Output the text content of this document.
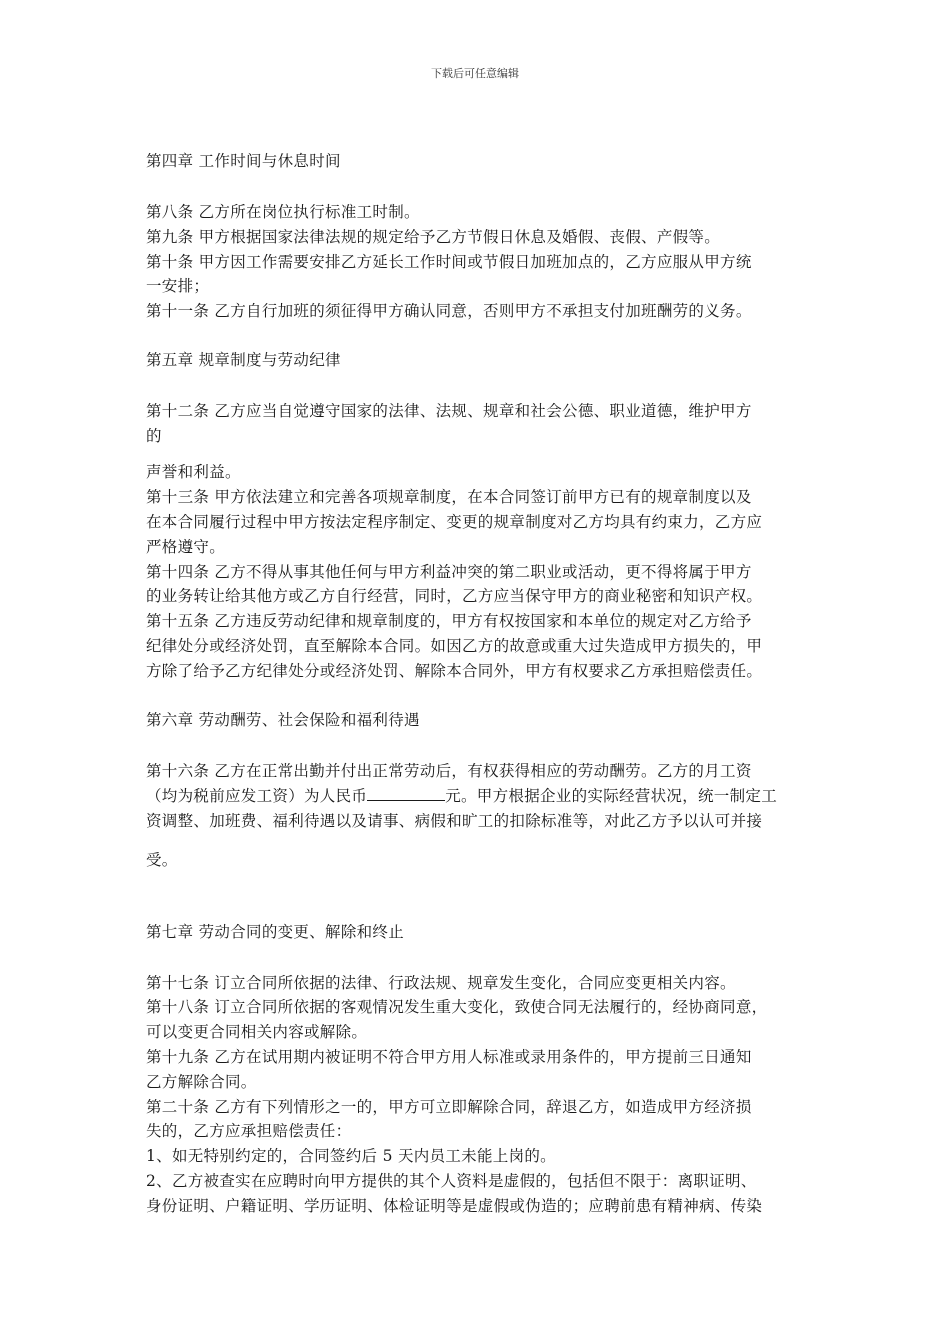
下载后可任意编辑
第四章 工作时间与休息时间
第八条 乙方所在岗位执行标准工时制。
第九条 甲方根据国家法律法规的规定给予乙方节假日休息及婚假、丧假、产假等。
第十条 甲方因工作需要安排乙方延长工作时间或节假日加班加点的，乙方应服从甲方统
一安排；
第十一条 乙方自行加班的须征得甲方确认同意，否则甲方不承担支付加班酬劳的义务。
第五章 规章制度与劳动纪律
第十二条 乙方应当自觉遵守国家的法律、法规、规章和社会公德、职业道德，维护甲方
的
声誉和利益。
第十三条 甲方依法建立和完善各项规章制度，在本合同签订前甲方已有的规章制度以及
在本合同履行过程中甲方按法定程序制定、变更的规章制度对乙方均具有约束力，乙方应
严格遵守。
第十四条 乙方不得从事其他任何与甲方利益冲突的第二职业或活动，更不得将属于甲方
的业务转让给其他方或乙方自行经营，同时，乙方应当保守甲方的商业秘密和知识产权。
第十五条 乙方违反劳动纪律和规章制度的，甲方有权按国家和本单位的规定对乙方给予
纪律处分或经济处罚，直至解除本合同。如因乙方的故意或重大过失造成甲方损失的，甲
方除了给予乙方纪律处分或经济处罚、解除本合同外，甲方有权要求乙方承担赔偿责任。
第六章 劳动酬劳、社会保险和福利待遇
第十六条 乙方在正常出勤并付出正常劳动后，有权获得相应的劳动酬劳。乙方的月工资
（均为税前应发工资）为人民币	元。甲方根据企业的实际经营状况，统一制定工
资调整、加班费、福利待遇以及请事、病假和旷工的扣除标准等，对此乙方予以认可并接
受。
第七章 劳动合同的变更、解除和终止
第十七条 订立合同所依据的法律、行政法规、规章发生变化，合同应变更相关内容。
第十八条 订立合同所依据的客观情况发生重大变化，致使合同无法履行的，经协商同意，
可以变更合同相关内容或解除。
第十九条 乙方在试用期内被证明不符合甲方用人标准或录用条件的，甲方提前三日通知
乙方解除合同。
第二十条 乙方有下列情形之一的，甲方可立即解除合同，辞退乙方，如造成甲方经济损
失的，乙方应承担赔偿责任：
1、如无特别约定的，合同签约后 5 天内员工未能上岗的。
2、乙方被查实在应聘时向甲方提供的其个人资料是虚假的，包括但不限于：离职证明、
身份证明、户籍证明、学历证明、体检证明等是虚假或伪造的；应聘前患有精神病、传染
